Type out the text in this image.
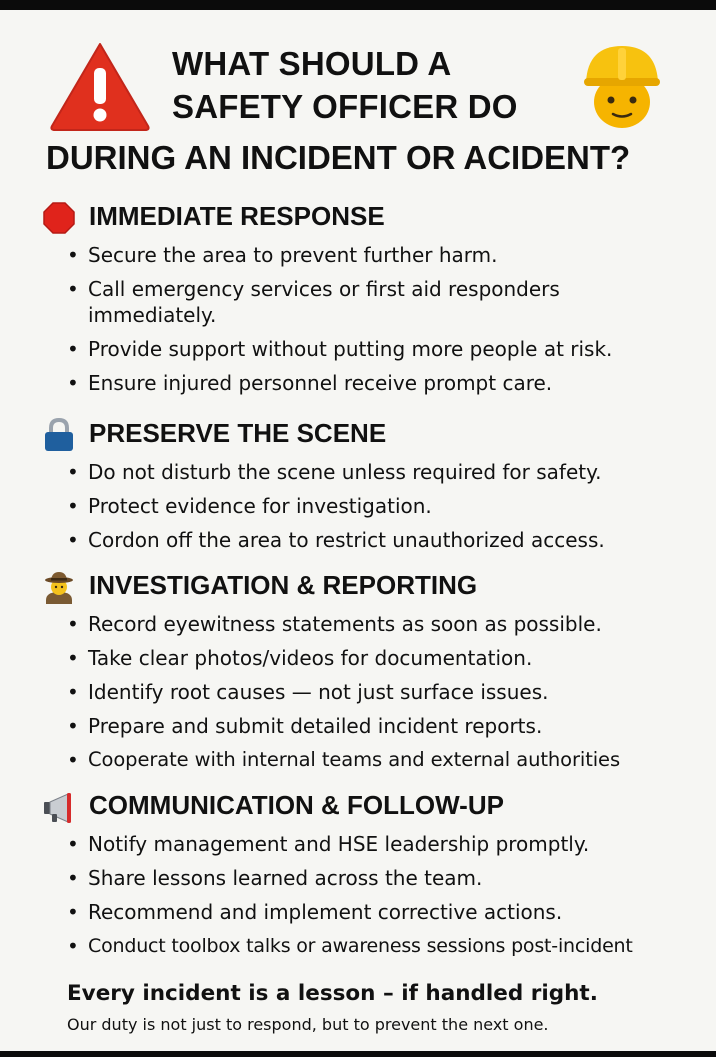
WHAT SHOULD A
SAFETY OFFICER DO
DURING AN INCIDENT OR ACIDENT?
IMMEDIATE RESPONSE
• Secure the area to prevent further harm.
• Call emergency services or first aid responders immediately.
• Provide support without putting more people at risk.
• Ensure injured personnel receive prompt care.
PRESERVE THE SCENE
• Do not disturb the scene unless required for safety.
• Protect evidence for investigation.
• Cordon off the area to restrict unauthorized access.
INVESTIGATION & REPORTING
• Record eyewitness statements as soon as possible.
• Take clear photos/videos for documentation.
• Identify root causes — not just surface issues.
• Prepare and submit detailed incident reports.
• Cooperate with internal teams and external authorities
COMMUNICATION & FOLLOW-UP
• Notify management and HSE leadership promptly.
• Share lessons learned across the team.
• Recommend and implement corrective actions.
• Conduct toolbox talks or awareness sessions post-incident
Every incident is a lesson – if handled right.
Our duty is not just to respond, but to prevent the next one.
